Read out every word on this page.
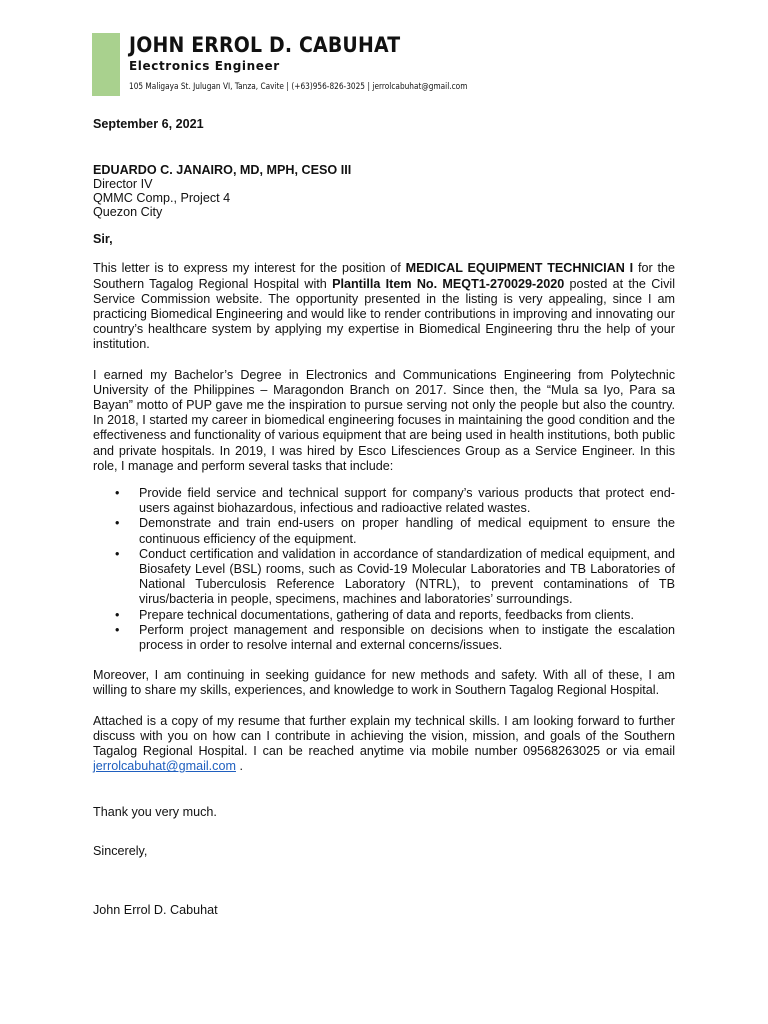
JOHN ERROL D. CABUHAT
Electronics Engineer
105 Maligaya St. Julugan VI, Tanza, Cavite | (+63)956-826-3025 | jerrolcabuhat@gmail.com
September 6, 2021
EDUARDO C. JANAIRO, MD, MPH, CESO III
Director IV
QMMC Comp., Project 4
Quezon City
Sir,

This letter is to express my interest for the position of MEDICAL EQUIPMENT TECHNICIAN I for the Southern Tagalog Regional Hospital with Plantilla Item No. MEQT1-270029-2020 posted at the Civil Service Commission website. The opportunity presented in the listing is very appealing, since I am practicing Biomedical Engineering and would like to render contributions in improving and innovating our country’s healthcare system by applying my expertise in Biomedical Engineering thru the help of your institution.

I earned my Bachelor’s Degree in Electronics and Communications Engineering from Polytechnic University of the Philippines – Maragondon Branch on 2017. Since then, the “Mula sa Iyo, Para sa Bayan” motto of PUP gave me the inspiration to pursue serving not only the people but also the country. In 2018, I started my career in biomedical engineering focuses in maintaining the good condition and the effectiveness and functionality of various equipment that are being used in health institutions, both public and private hospitals. In 2019, I was hired by Esco Lifesciences Group as a Service Engineer. In this role, I manage and perform several tasks that include:

• Provide field service and technical support for company’s various products that protect end-users against biohazardous, infectious and radioactive related wastes.
• Demonstrate and train end-users on proper handling of medical equipment to ensure the continuous efficiency of the equipment.
• Conduct certification and validation in accordance of standardization of medical equipment, and Biosafety Level (BSL) rooms, such as Covid-19 Molecular Laboratories and TB Laboratories of National Tuberculosis Reference Laboratory (NTRL), to prevent contaminations of TB virus/bacteria in people, specimens, machines and laboratories’ surroundings.
• Prepare technical documentations, gathering of data and reports, feedbacks from clients.
• Perform project management and responsible on decisions when to instigate the escalation process in order to resolve internal and external concerns/issues.

Moreover, I am continuing in seeking guidance for new methods and safety. With all of these, I am willing to share my skills, experiences, and knowledge to work in Southern Tagalog Regional Hospital.

Attached is a copy of my resume that further explain my technical skills. I am looking forward to further discuss with you on how can I contribute in achieving the vision, mission, and goals of the Southern Tagalog Regional Hospital. I can be reached anytime via mobile number 09568263025 or via email jerrolcabuhat@gmail.com .

Thank you very much.
Sincerely,
John Errol D. Cabuhat
